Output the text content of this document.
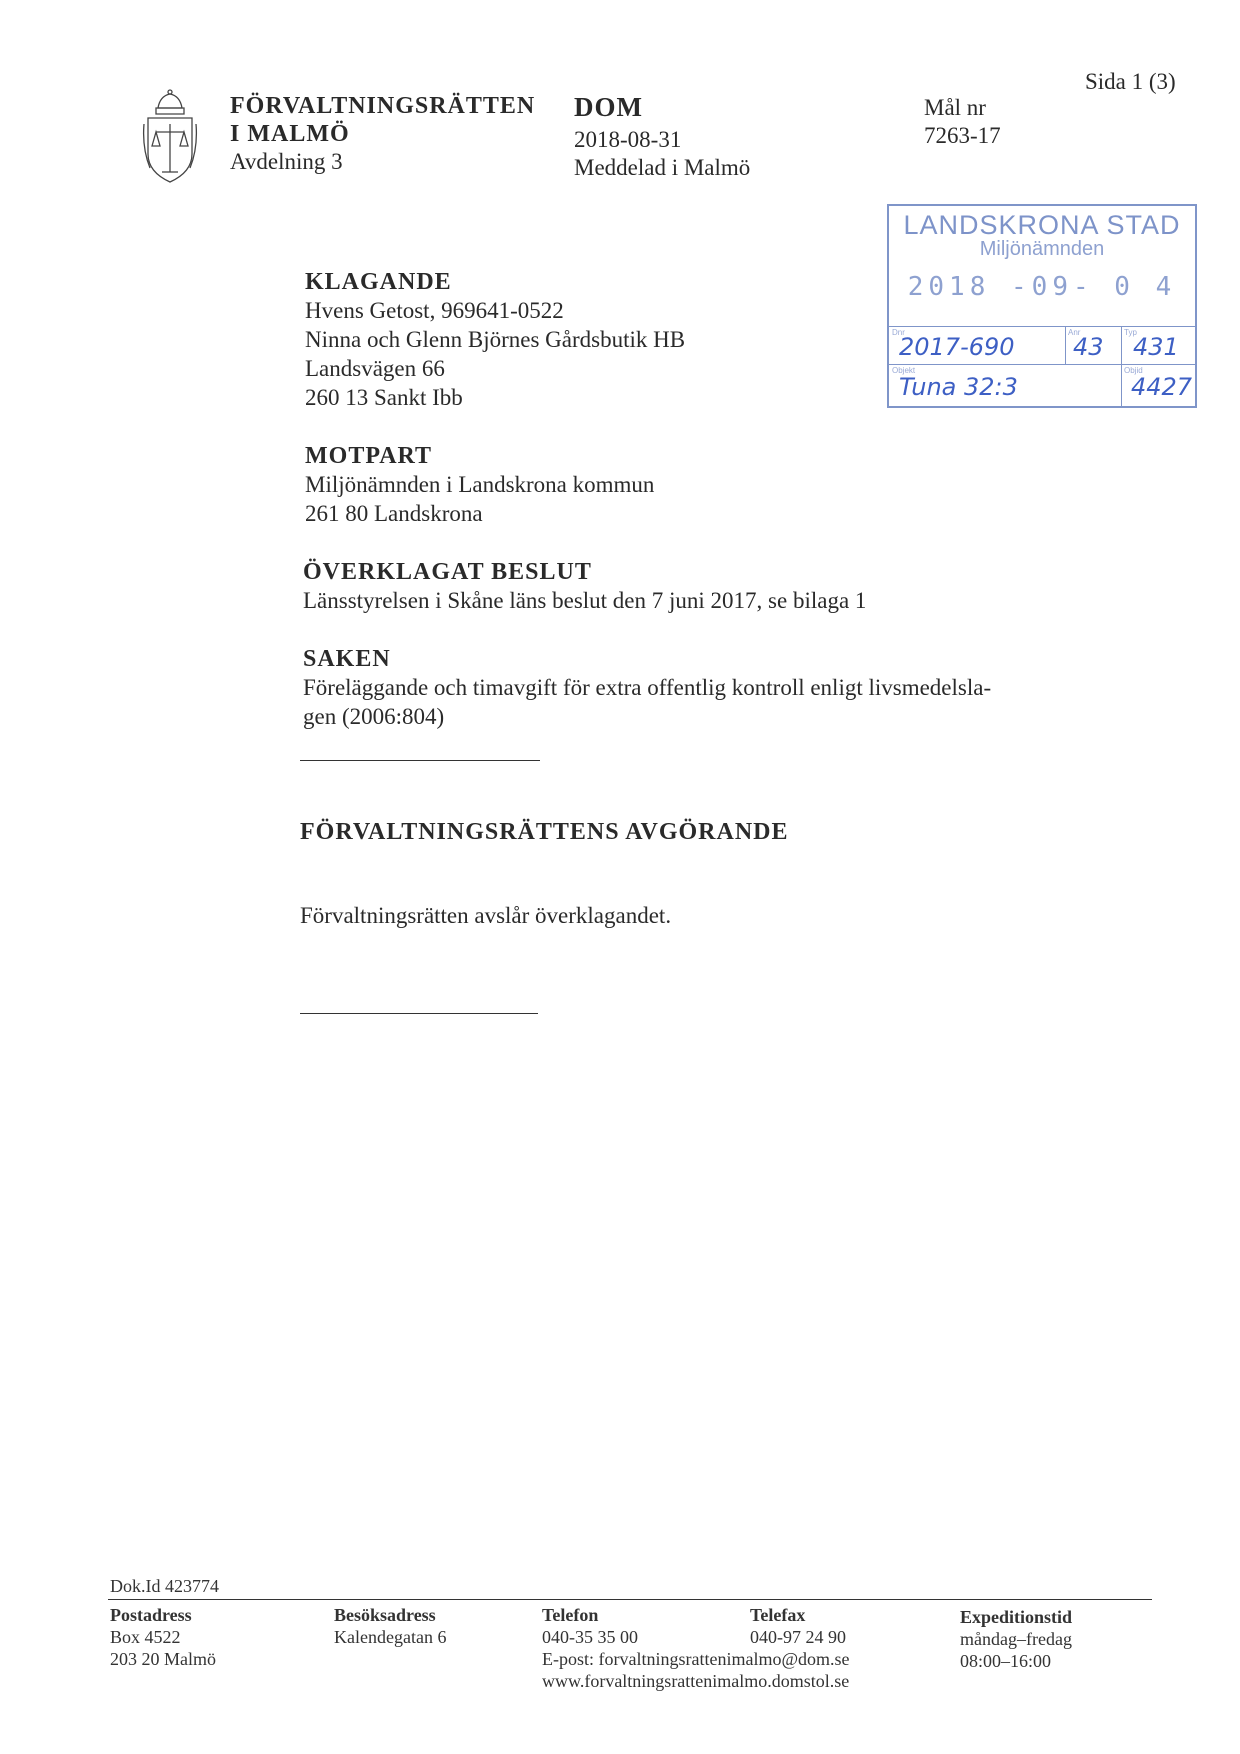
Sida 1 (3)
FÖRVALTNINGSRÄTTEN
I MALMÖ
Avdelning 3
DOM
2018-08-31
Meddelad i Malmö
Mål nr
7263-17
LANDSKRONA STAD
Miljönämnden
2018 -09- 0 4
Dnr
2017-690
Anr
43
Typ
431
Objekt
Tuna 32:3
Objid
4427
KLAGANDE
Hvens Getost, 969641-0522
Ninna och Glenn Björnes Gårdsbutik HB
Landsvägen 66
260 13 Sankt Ibb
MOTPART
Miljönämnden i Landskrona kommun
261 80 Landskrona
ÖVERKLAGAT BESLUT
Länsstyrelsen i Skåne läns beslut den 7 juni 2017, se bilaga 1
SAKEN
Föreläggande och timavgift för extra offentlig kontroll enligt livsmedelsla-
gen (2006:804)
FÖRVALTNINGSRÄTTENS AVGÖRANDE
Förvaltningsrätten avslår överklagandet.
Dok.Id 423774
Postadress
Box 4522
203 20 Malmö
Besöksadress
Kalendegatan 6
Telefon
040-35 35 00
E-post: forvaltningsrattenimalmo@dom.se
www.forvaltningsrattenimalmo.domstol.se
Telefax
040-97 24 90
Expeditionstid
måndag–fredag
08:00–16:00
